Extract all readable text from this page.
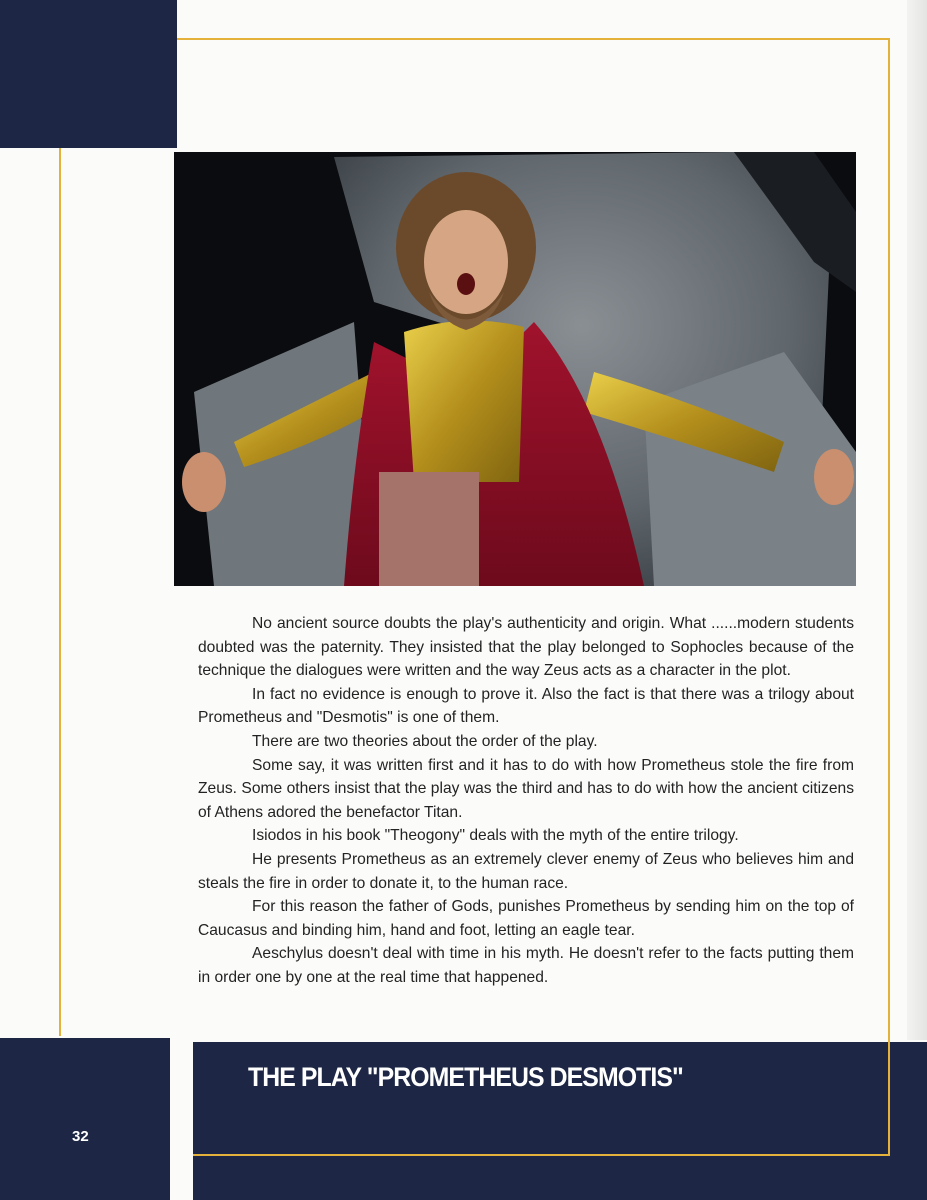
No ancient source doubts the play's authenticity and origin. What ......modern students doubted was the paternity. They insisted that the play belonged to Sophocles because of the technique the dialogues were written and the way Zeus acts as a character in the plot.

In fact no evidence is enough to prove it. Also the fact is that there was a trilogy about Prometheus and "Desmotis" is one of them.

There are two theories about the order of the play.

Some say, it was written first and it has to do with how Prometheus stole the fire from Zeus. Some others insist that the play was the third and has to do with how the ancient citizens of Athens adored the benefactor Titan.

Isiodos in his book "Theogony" deals with the myth of the entire trilogy.

He presents Prometheus as an extremely clever enemy of Zeus who believes him and steals the fire in order to donate it, to the human race.

For this reason the father of Gods, punishes Prometheus by sending him on the top of Caucasus and binding him, hand and foot, letting an eagle tear.

Aeschylus doesn't deal with time in his myth. He doesn't refer to the facts putting them in order one by one at the real time that happened.

THE PLAY "PROMETHEUS DESMOTIS"
32
